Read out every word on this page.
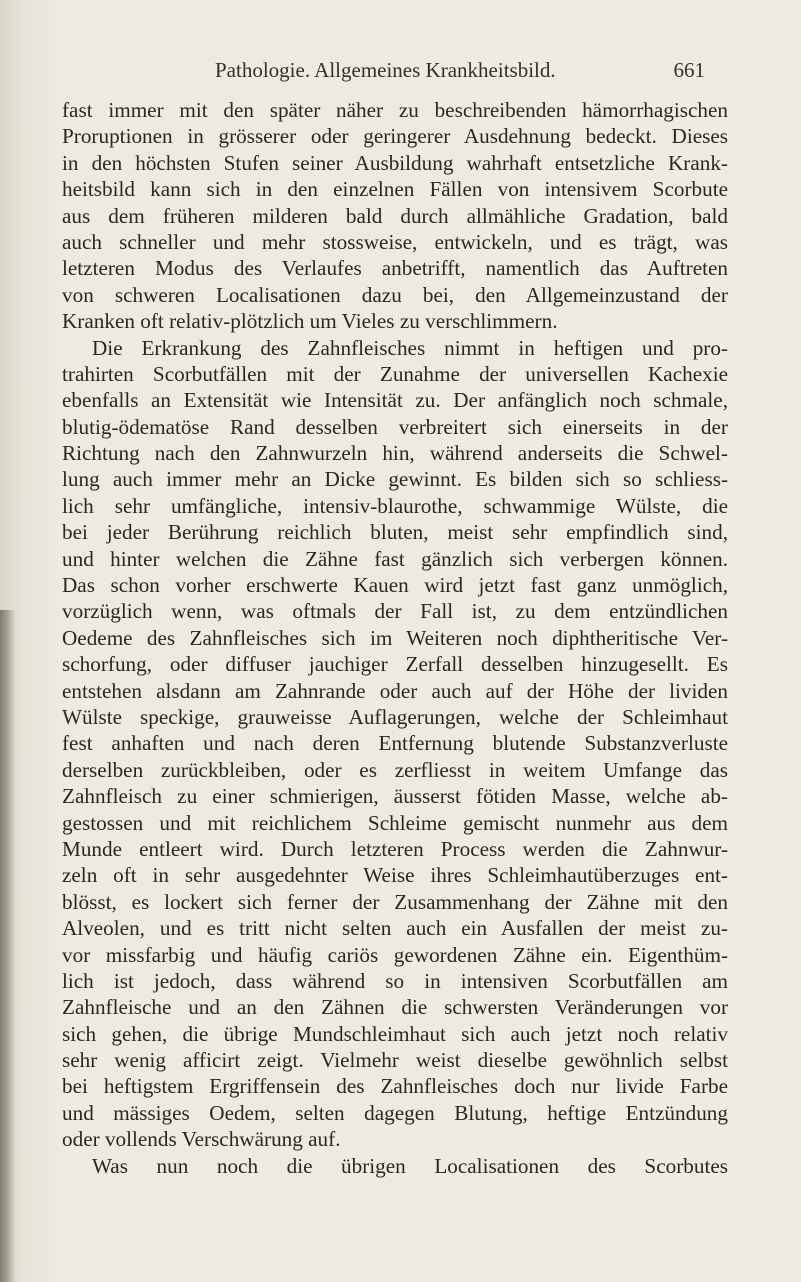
Pathologie. Allgemeines Krankheitsbild.	661
fast immer mit den später näher zu beschreibenden hämorrhagischen
Proruptionen in grösserer oder geringerer Ausdehnung bedeckt. Dieses
in den höchsten Stufen seiner Ausbildung wahrhaft entsetzliche Krank-
heitsbild kann sich in den einzelnen Fällen von intensivem Scorbute
aus dem früheren milderen bald durch allmähliche Gradation, bald
auch schneller und mehr stossweise, entwickeln, und es trägt, was
letzteren Modus des Verlaufes anbetrifft, namentlich das Auftreten
von schweren Localisationen dazu bei, den Allgemeinzustand der
Kranken oft relativ-plötzlich um Vieles zu verschlimmern.
Die Erkrankung des Zahnfleisches nimmt in heftigen und pro-
trahirten Scorbutfällen mit der Zunahme der universellen Kachexie
ebenfalls an Extensität wie Intensität zu. Der anfänglich noch schmale,
blutig-ödematöse Rand desselben verbreitert sich einerseits in der
Richtung nach den Zahnwurzeln hin, während anderseits die Schwel-
lung auch immer mehr an Dicke gewinnt. Es bilden sich so schliess-
lich sehr umfängliche, intensiv-blaurothe, schwammige Wülste, die
bei jeder Berührung reichlich bluten, meist sehr empfindlich sind,
und hinter welchen die Zähne fast gänzlich sich verbergen können.
Das schon vorher erschwerte Kauen wird jetzt fast ganz unmöglich,
vorzüglich wenn, was oftmals der Fall ist, zu dem entzündlichen
Oedeme des Zahnfleisches sich im Weiteren noch diphtheritische Ver-
schorfung, oder diffuser jauchiger Zerfall desselben hinzugesellt. Es
entstehen alsdann am Zahnrande oder auch auf der Höhe der lividen
Wülste speckige, grauweisse Auflagerungen, welche der Schleimhaut
fest anhaften und nach deren Entfernung blutende Substanzverluste
derselben zurückbleiben, oder es zerfliesst in weitem Umfange das
Zahnfleisch zu einer schmierigen, äusserst fötiden Masse, welche ab-
gestossen und mit reichlichem Schleime gemischt nunmehr aus dem
Munde entleert wird. Durch letzteren Process werden die Zahnwur-
zeln oft in sehr ausgedehnter Weise ihres Schleimhautüberzuges ent-
blösst, es lockert sich ferner der Zusammenhang der Zähne mit den
Alveolen, und es tritt nicht selten auch ein Ausfallen der meist zu-
vor missfarbig und häufig cariös gewordenen Zähne ein. Eigenthüm-
lich ist jedoch, dass während so in intensiven Scorbutfällen am
Zahnfleische und an den Zähnen die schwersten Veränderungen vor
sich gehen, die übrige Mundschleimhaut sich auch jetzt noch relativ
sehr wenig afficirt zeigt. Vielmehr weist dieselbe gewöhnlich selbst
bei heftigstem Ergriffensein des Zahnfleisches doch nur livide Farbe
und mässiges Oedem, selten dagegen Blutung, heftige Entzündung
oder vollends Verschwärung auf.
Was nun noch die übrigen Localisationen des Scorbutes
